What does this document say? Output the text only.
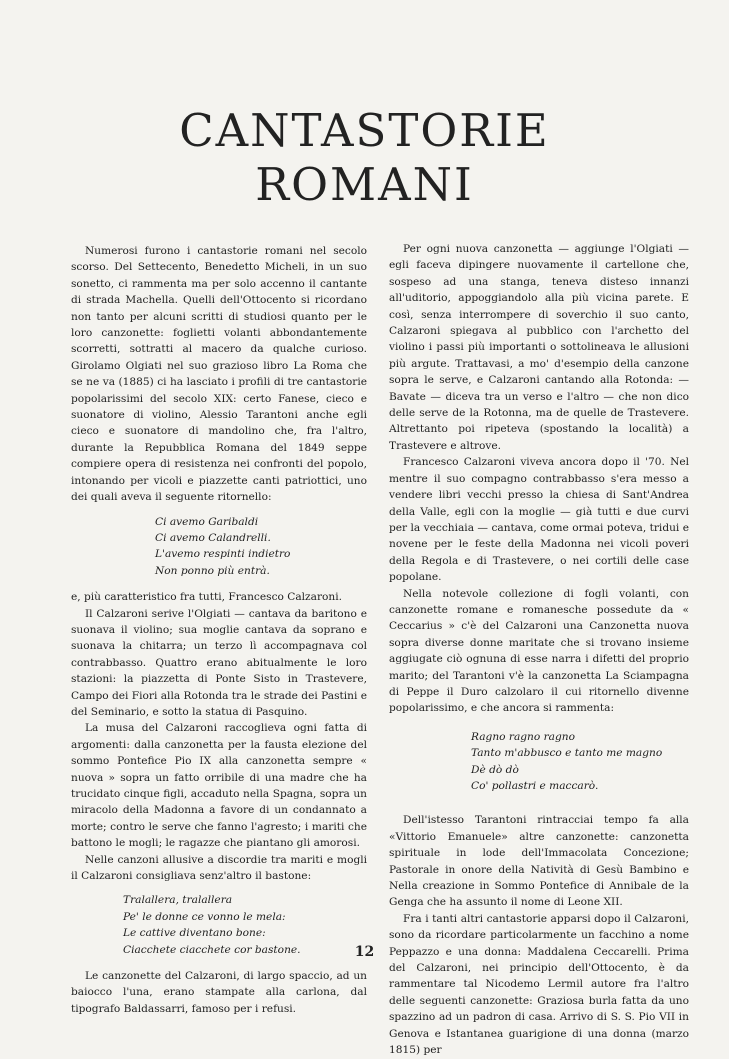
CANTASTORIE
ROMANI

Numerosi furono i cantastorie romani nel secolo scorso. Del Settecento, Benedetto Micheli, in un suo sonetto, ci rammenta ma per solo accenno il cantante di strada Machella. Quelli dell'Ottocento si ricordano non tanto per alcuni scritti di studiosi quanto per le loro canzonette: foglietti volanti abbondantemente scorretti, sottratti al macero da qualche curioso. Girolamo Olgiati nel suo grazioso libro La Roma che se ne va (1885) ci ha lasciato i profili di tre cantastorie popolarissimi del secolo XIX: certo Fanese, cieco e suonatore di violino, Alessio Tarantoni anche egli cieco e suonatore di mandolino che, fra l'altro, durante la Repubblica Romana del 1849 seppe compiere opera di resistenza nei confronti del popolo, intonando per vicoli e piazzette canti patriottici, uno dei quali aveva il seguente ritornello:

Ci avemo Garibaldi
Ci avemo Calandrelli.
L'avemo respinti indietro
Non ponno più entrà.

e, più caratteristico fra tutti, Francesco Calzaroni.

Il Calzaroni serive l'Olgiati — cantava da baritono e suonava il violino; sua moglie cantava da soprano e suonava la chitarra; un terzo lì accompagnava col contrabbasso. Quattro erano abitualmente le loro stazioni: la piazzetta di Ponte Sisto in Trastevere, Campo dei Fiori alla Rotonda tra le strade dei Pastini e del Seminario, e sotto la statua di Pasquino.

La musa del Calzaroni raccoglieva ogni fatta di argomenti: dalla canzonetta per la fausta elezione del sommo Pontefice Pio IX alla canzonetta sempre « nuova » sopra un fatto orribile di una madre che ha trucidato cinque figli, accaduto nella Spagna, sopra un miracolo della Madonna a favore di un condannato a morte; contro le serve che fanno l'agresto; i mariti che battono le mogli; le ragazze che piantano gli amorosi.

Nelle canzoni allusive a discordie tra mariti e mogli il Calzaroni consigliava senz'altro il bastone:

Tralallera, tralallera
Pe' le donne ce vonno le mela:
Le cattive diventano bone:
Ciacchete ciacchete cor bastone.

Le canzonette del Calzaroni, di largo spaccio, ad un baiocco l'una, erano stampate alla carlona, dal tipografo Baldassarri, famoso per i refusi.

Per ogni nuova canzonetta — aggiunge l'Olgiati — egli faceva dipingere nuovamente il cartellone che, sospeso ad una stanga, teneva disteso innanzi all'uditorio, appoggiandolo alla più vicina parete. E così, senza interrompere di soverchio il suo canto, Calzaroni spiegava al pubblico con l'archetto del violino i passi più importanti o sottolineava le allusioni più argute. Trattavasi, a mo' d'esempio della canzone sopra le serve, e Calzaroni cantando alla Rotonda: — Bavate — diceva tra un verso e l'altro — che non dico delle serve de la Rotonna, ma de quelle de Trastevere. Altrettanto poi ripeteva (spostando la località) a Trastevere e altrove.

Francesco Calzaroni viveva ancora dopo il '70. Nel mentre il suo compagno contrabbasso s'era messo a vendere libri vecchi presso la chiesa di Sant'Andrea della Valle, egli con la moglie — già tutti e due curvi per la vecchiaia — cantava, come ormai poteva, tridui e novene per le feste della Madonna nei vicoli poveri della Regola e di Trastevere, o nei cortili delle case popolane.

Nella notevole collezione di fogli volanti, con canzonette romane e romanesche possedute da « Ceccarius » c'è del Calzaroni una Canzonetta nuova sopra diverse donne maritate che si trovano insieme aggiugate ciò ognuna di esse narra i difetti del proprio marito; del Tarantoni v'è la canzonetta La Sciampagna di Peppe il Duro calzolaro il cui ritornello divenne popolarissimo, e che ancora si rammenta:

Ragno ragno ragno
Tanto m'abbusco e tanto me magno
Dè dò dò
Co' pollastri e maccarò.

Dell'istesso Tarantoni rintracciai tempo fa alla «Vittorio Emanuele» altre canzonette: canzonetta spirituale in lode dell'Immacolata Concezione; Pastorale in onore della Natività di Gesù Bambino e Nella creazione in Sommo Pontefice di Annibale de la Genga che ha assunto il nome di Leone XII.

Fra i tanti altri cantastorie apparsi dopo il Calzaroni, sono da ricordare particolarmente un facchino a nome Peppazzo e una donna: Maddalena Ceccarelli. Prima del Calzaroni, nei principio dell'Ottocento, è da rammentare tal Nicodemo Lermil autore fra l'altro delle seguenti canzonette: Graziosa burla fatta da uno spazzino ad un padron di casa. Arrivo di S. S. Pio VII in Genova e Istantanea guarigione di una donna (marzo 1815) per

12
